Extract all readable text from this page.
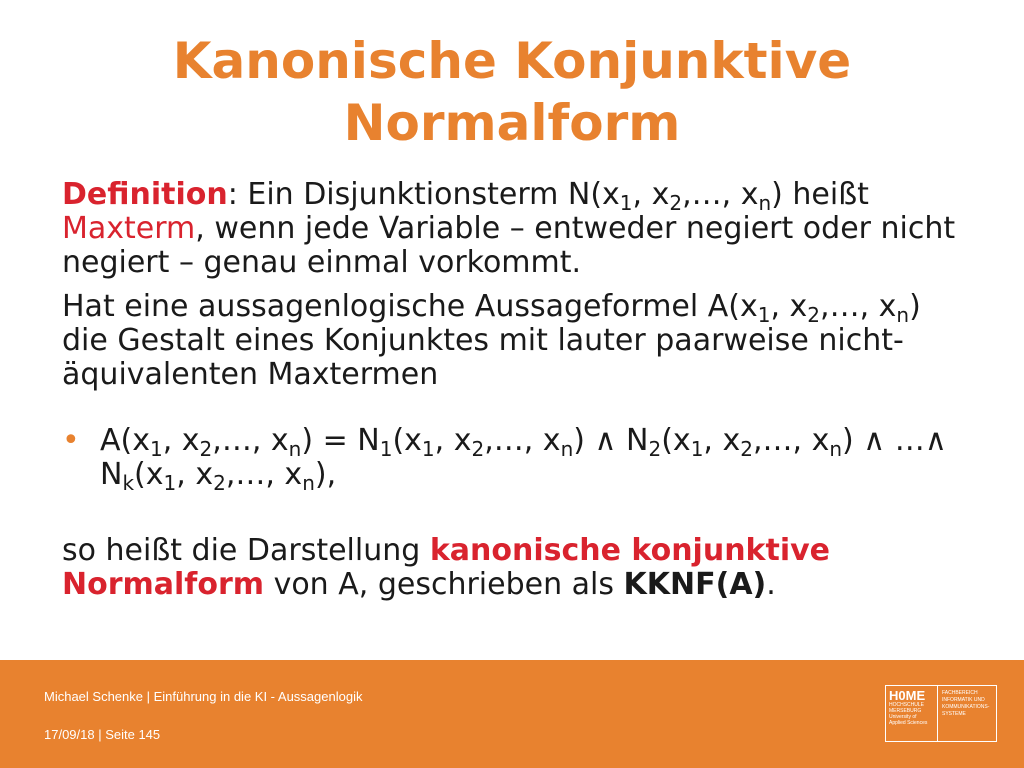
Kanonische Konjunktive Normalform
Definition: Ein Disjunktionsterm $N(x_1$, $x_2,\dots$, $x_n$) heißt Maxterm, wenn jede Variable – entweder negiert oder nicht negiert – genau einmal vorkommt.
Hat eine aussagenlogische Aussageformel $A(x_1$, $x_2,\dots$, $x_n$) die Gestalt eines Konjunktes mit lauter paarweise nicht-äquivalenten Maxtermen
• $A(x_1$, $x_2,\dots$, $x_n) = N_1(x_1$, $x_2,\dots$, $x_n$) ∧ $N_2(x_1$, $x_2,\dots$, $x_n$) ∧ …∧ $N_k(x_1$, $x_2,\dots$, $x_n$),
so heißt die Darstellung kanonische konjunktive Normalform von A, geschrieben als KKNF(A).
Michael Schenke | Einführung in die KI - Aussagenlogik
17/09/18 | Seite 145
H0ME
HOCHSCHULE
MERSEBURG
University of
Applied Sciences
FACHBEREICH
INFORMATIK UND
KOMMUNIKATIONS-
SYSTEME
